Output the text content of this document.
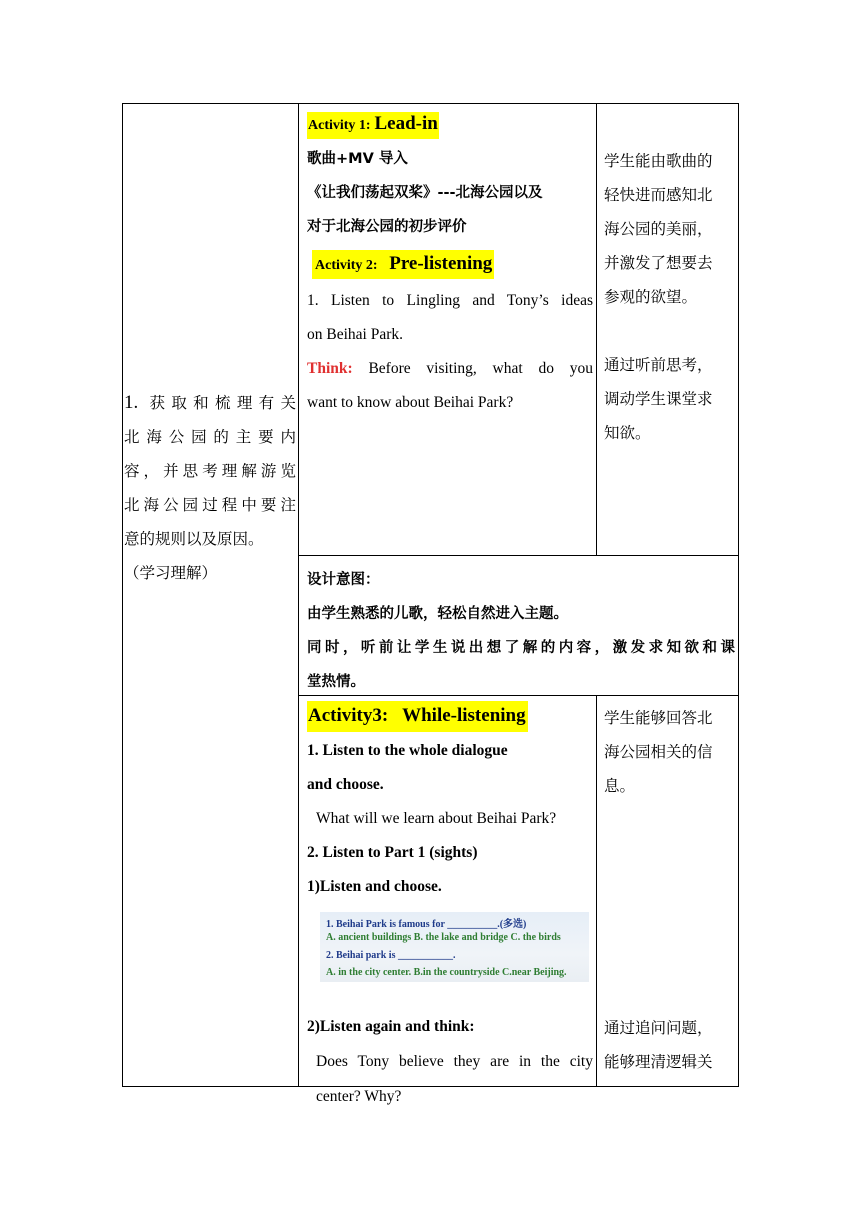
1. 获取和梳理有关

北海公园的主要内

容，并思考理解游览

北海公园过程中要注

意的规则以及原因。

（学习理解）

Activity 1: Lead-in

歌曲+MV 导入

《让我们荡起双桨》---北海公园以及

对于北海公园的初步评价

Activity 2: Pre-listening

1. Listen to Lingling and Tony’s ideas

on Beihai Park.

Think: Before visiting, what do you

want to know about Beihai Park?

学生能由歌曲的

轻快进而感知北

海公园的美丽，

并激发了想要去

参观的欲望。

通过听前思考，

调动学生课堂求

知欲。

设计意图：

由学生熟悉的儿歌，轻松自然进入主题。

同时，听前让学生说出想了解的内容，激发求知欲和课

堂热情。

Activity3:   While-listening

1. Listen to the whole dialogue

and choose.

What will we learn about Beihai Park?

2. Listen to Part 1 (sights)

1)Listen and choose.

2)Listen again and think:

Does Tony believe they are in the city

center? Why?

1. Beihai Park is famous for __________.(多选)
A. ancient buildings B. the lake and bridge C. the birds
2. Beihai park is ___________.
A. in the city center. B.in the countryside C.near Beijing.

学生能够回答北

海公园相关的信

息。

通过追问问题，

能够理清逻辑关
